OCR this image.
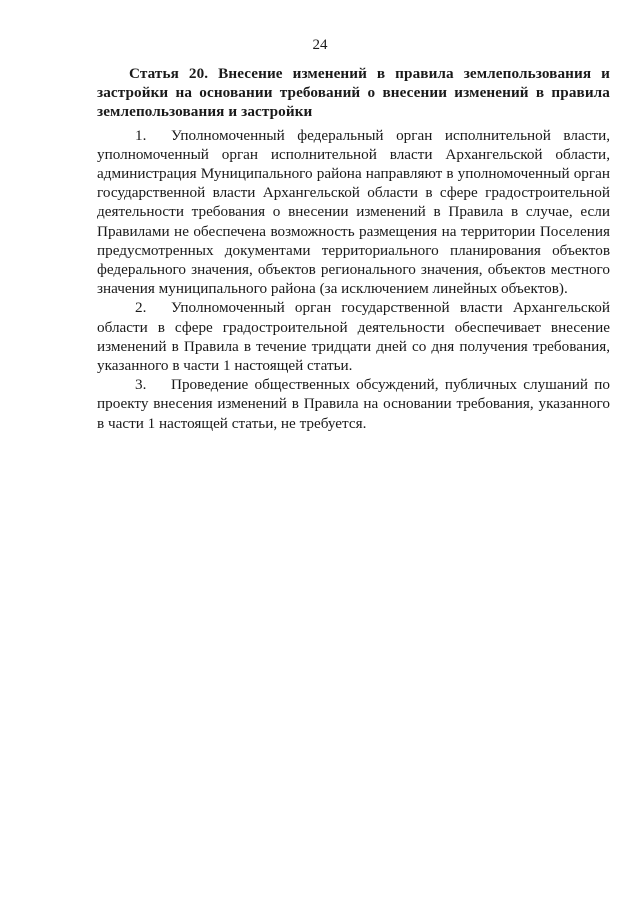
24

Статья 20. Внесение изменений в правила землепользования и застройки на основании требований о внесении изменений в правила землепользования и застройки

1. Уполномоченный федеральный орган исполнительной власти, уполномоченный орган исполнительной власти Архангельской области, администрация Муниципального района направляют в уполномоченный орган государственной власти Архангельской области в сфере градостроительной деятельности требования о внесении изменений в Правила в случае, если Правилами не обеспечена возможность размещения на территории Поселения предусмотренных документами территориального планирования объектов федерального значения, объектов регионального значения, объектов местного значения муниципального района (за исключением линейных объектов).

2. Уполномоченный орган государственной власти Архангельской области в сфере градостроительной деятельности обеспечивает внесение изменений в Правила в течение тридцати дней со дня получения требования, указанного в части 1 настоящей статьи.

3. Проведение общественных обсуждений, публичных слушаний по проекту внесения изменений в Правила на основании требования, указанного в части 1 настоящей статьи, не требуется.
